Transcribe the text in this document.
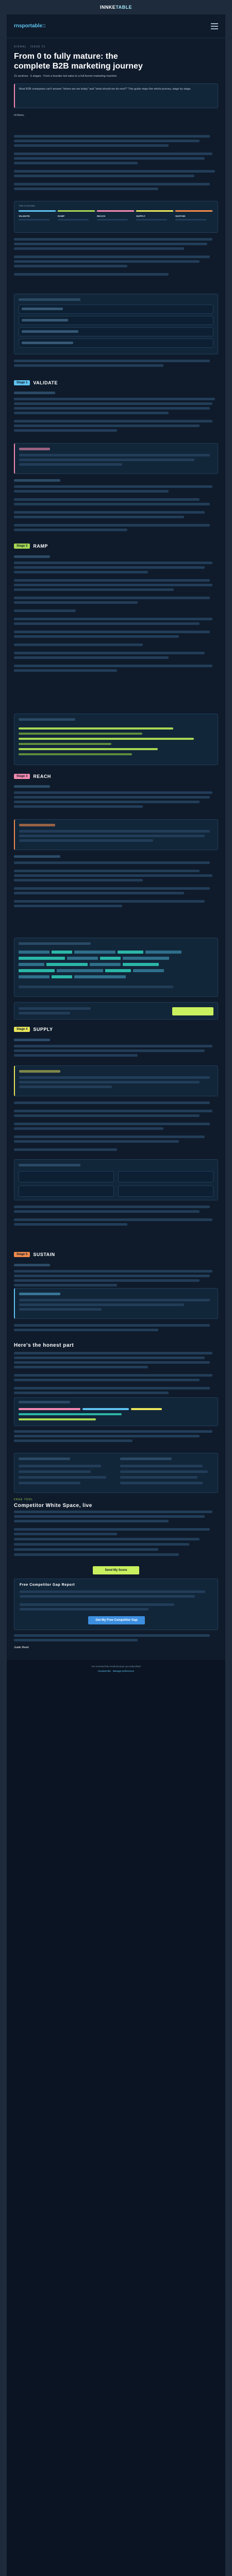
INNKETABLE
rnsportable::
SIGNAL · ISSUE 01
From 0 to fully mature: the complete B2B marketing journey
21 sections · 5 stages · From a founder-led sales to a full-funnel marketing machine
Most B2B companies can't answer "where are we today" and "what should we do next?" This guide maps the whole journey, stage by stage.
Hi there,
THE 5 STAGES
VALIDATE	RAMP	REACH	SUPPLY	SUSTAIN
Stage 1	VALIDATE
Stage 2	RAMP
Stage 3	REACH
Stage 4	SUPPLY
Stage 5	SUSTAIN
Here's the honest part
FREE TOOL
Competitor White Space, live
Send My Score
Free Competitor Gap Report
Get My Free Competitor Gap
Justin Reed
You received this email because you subscribed
Unsubscribe · Manage preferences
